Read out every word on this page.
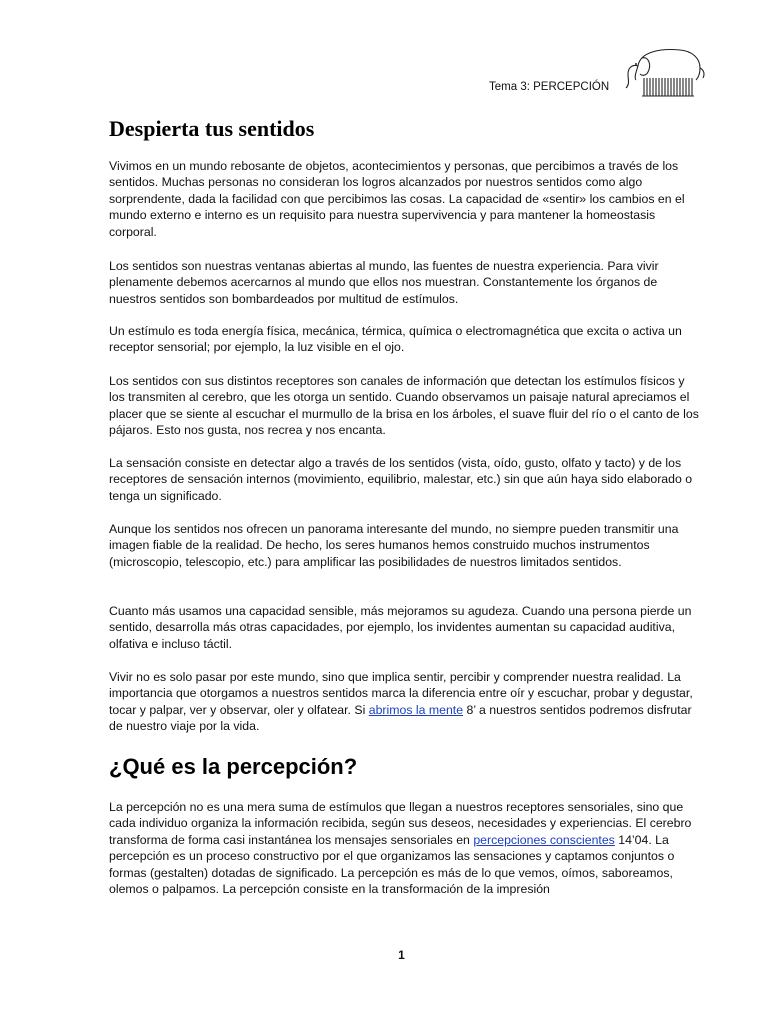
Tema 3: PERCEPCIÓN
Despierta tus sentidos

Vivimos en un mundo rebosante de objetos, acontecimientos y personas, que percibimos a través de los sentidos. Muchas personas no consideran los logros alcanzados por nuestros sentidos como algo sorprendente, dada la facilidad con que percibimos las cosas. La capacidad de «sentir» los cambios en el mundo externo e interno es un requisito para nuestra supervivencia y para mantener la homeostasis corporal.

Los sentidos son nuestras ventanas abiertas al mundo, las fuentes de nuestra experiencia. Para vivir plenamente debemos acercarnos al mundo que ellos nos muestran. Constantemente los órganos de nuestros sentidos son bombardeados por multitud de estímulos.

Un estímulo es toda energía física, mecánica, térmica, química o electromagnética que excita o activa un receptor sensorial; por ejemplo, la luz visible en el ojo.

Los sentidos con sus distintos receptores son canales de información que detectan los estímulos físicos y los transmiten al cerebro, que les otorga un sentido. Cuando observamos un paisaje natural apreciamos el placer que se siente al escuchar el murmullo de la brisa en los árboles, el suave fluir del río o el canto de los pájaros. Esto nos gusta, nos recrea y nos encanta.

La sensación consiste en detectar algo a través de los sentidos (vista, oído, gusto, olfato y tacto) y de los receptores de sensación internos (movimiento, equilibrio, malestar, etc.) sin que aún haya sido elaborado o tenga un significado.

Aunque los sentidos nos ofrecen un panorama interesante del mundo, no siempre pueden transmitir una imagen fiable de la realidad. De hecho, los seres humanos hemos construido muchos instrumentos (microscopio, telescopio, etc.) para amplificar las posibilidades de nuestros limitados sentidos.

Cuanto más usamos una capacidad sensible, más mejoramos su agudeza. Cuando una persona pierde un sentido, desarrolla más otras capacidades, por ejemplo, los invidentes aumentan su capacidad auditiva, olfativa e incluso táctil.

Vivir no es solo pasar por este mundo, sino que implica sentir, percibir y comprender nuestra realidad. La importancia que otorgamos a nuestros sentidos marca la diferencia entre oír y escuchar, probar y degustar, tocar y palpar, ver y observar, oler y olfatear. Si abrimos la mente 8’ a nuestros sentidos podremos disfrutar de nuestro viaje por la vida.

¿Qué es la percepción?

La percepción no es una mera suma de estímulos que llegan a nuestros receptores sensoriales, sino que cada individuo organiza la información recibida, según sus deseos, necesidades y experiencias. El cerebro transforma de forma casi instantánea los mensajes sensoriales en percepciones conscientes 14’04. La percepción es un proceso constructivo por el que organizamos las sensaciones y captamos conjuntos o formas (gestalten) dotadas de significado. La percepción es más de lo que vemos, oímos, saboreamos, olemos o palpamos. La percepción consiste en la transformación de la impresión

1
